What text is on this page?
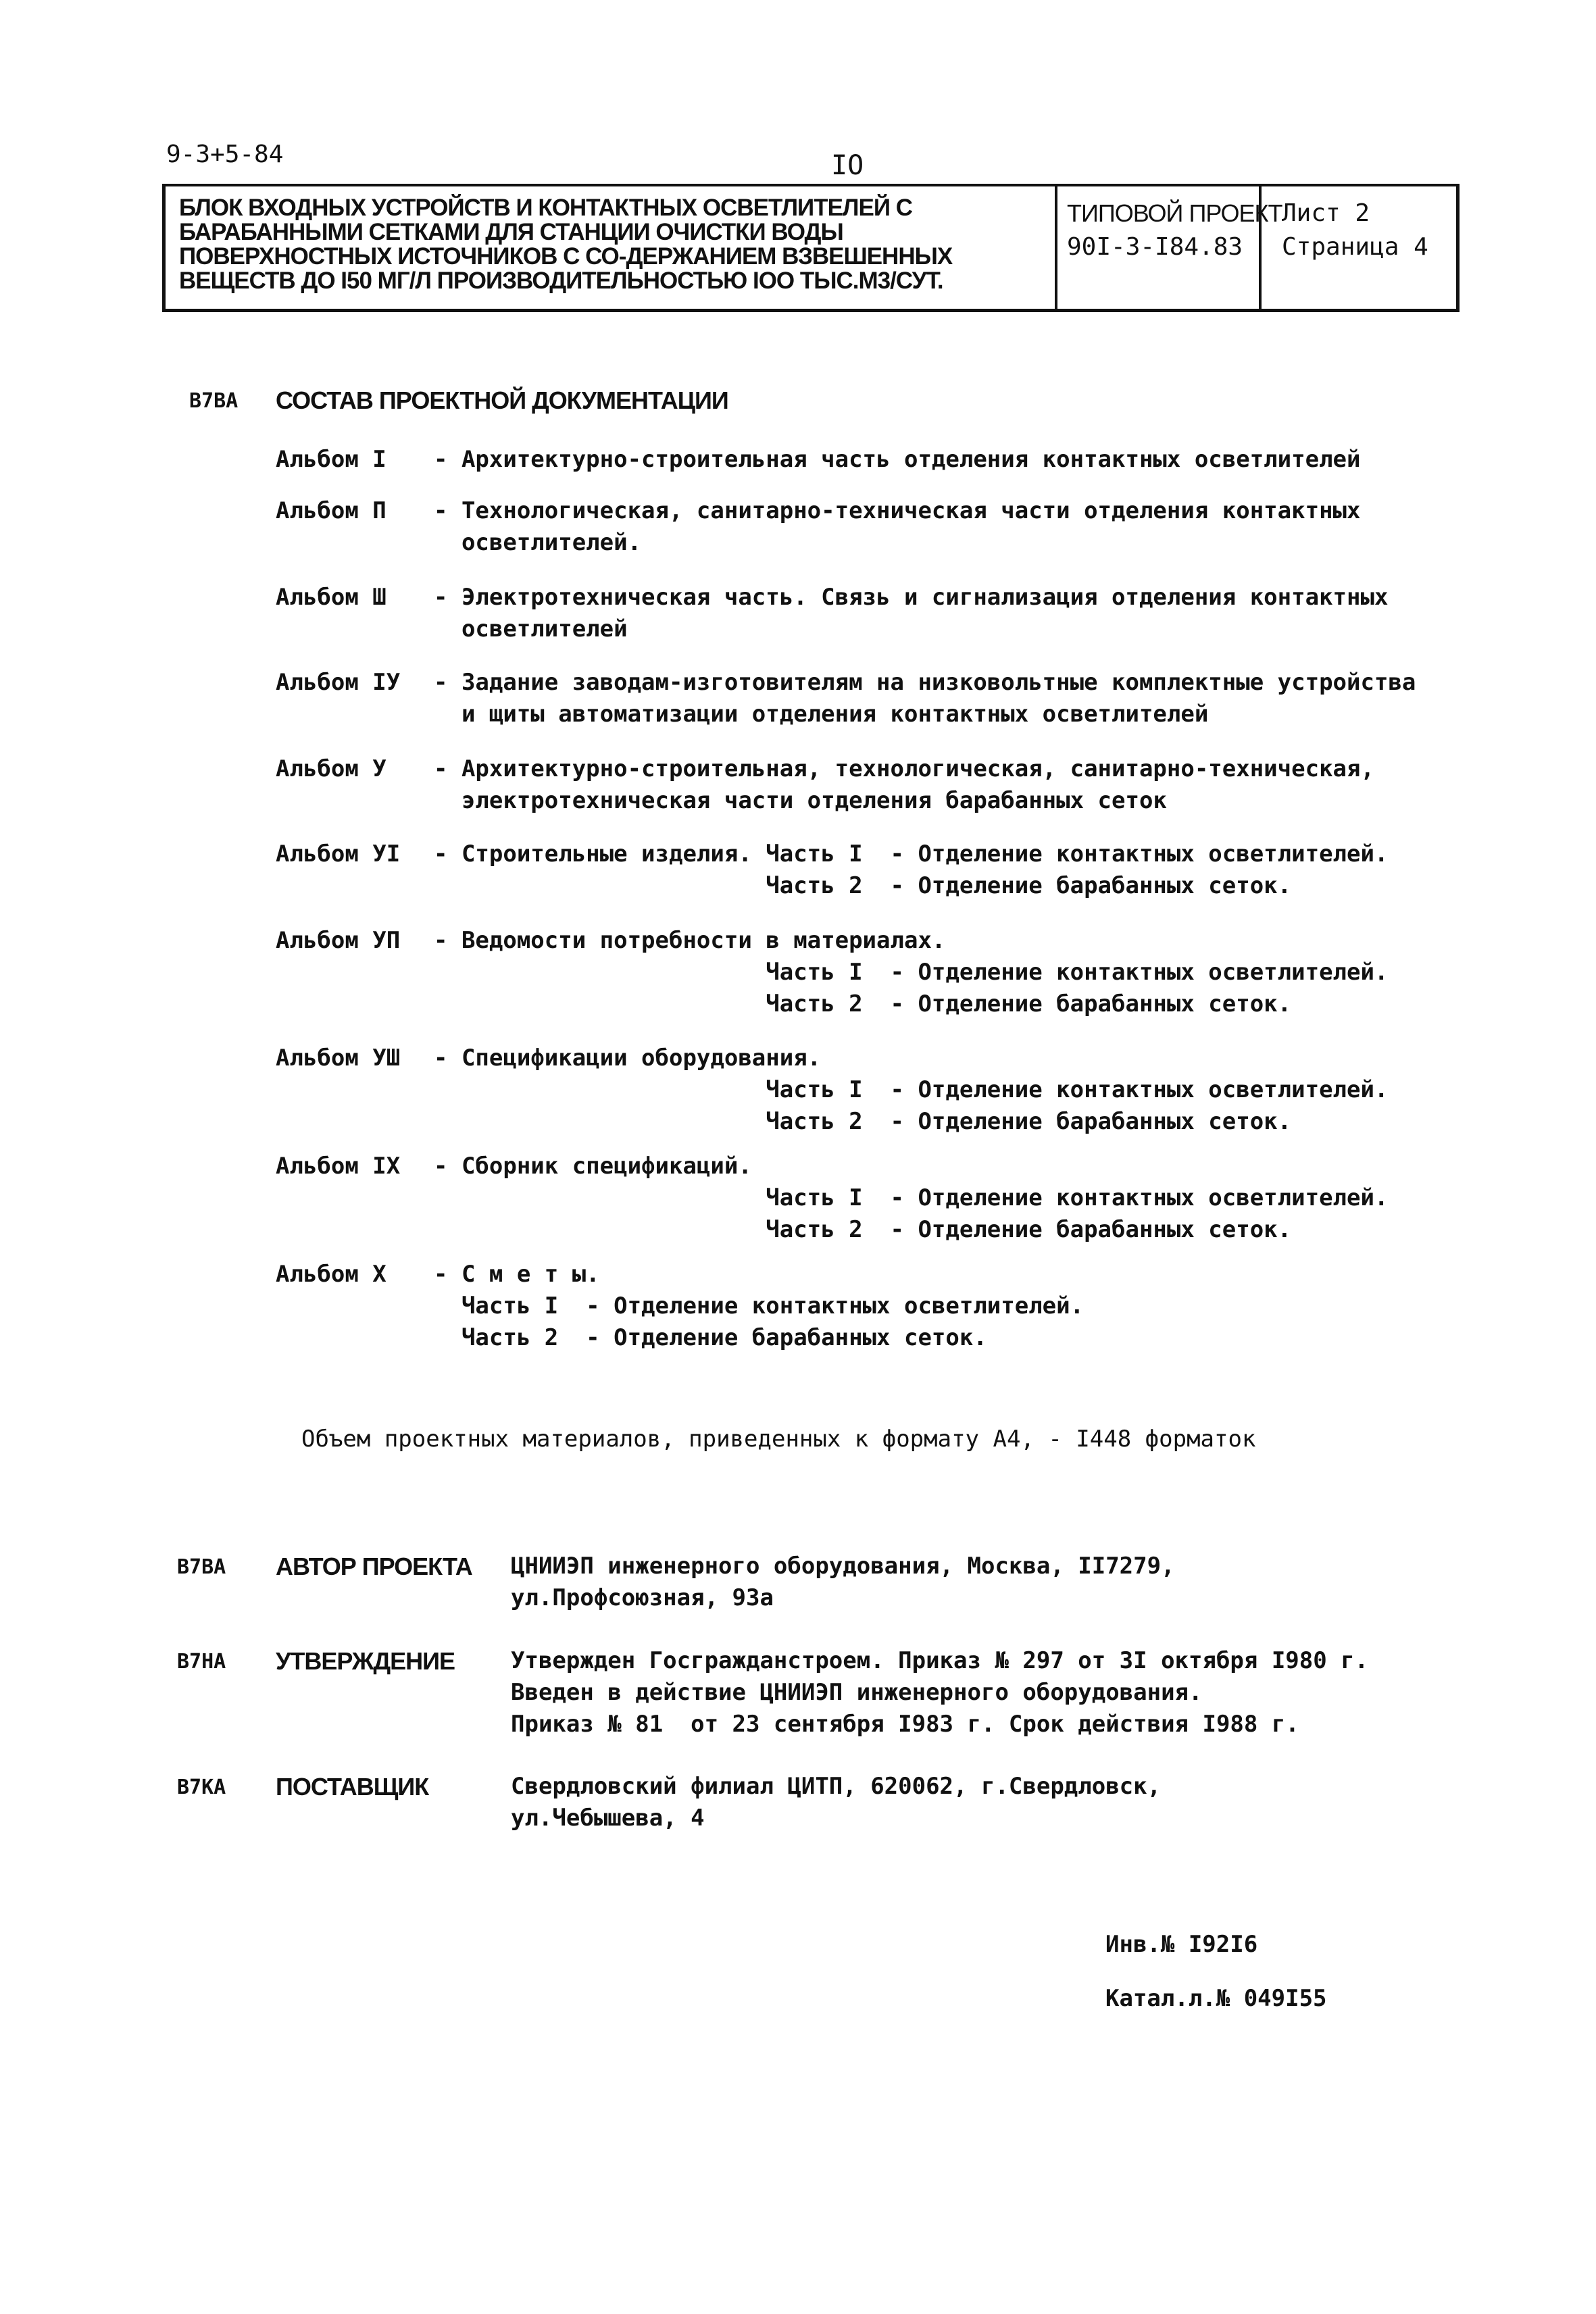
9-3+5-84	IO
БЛОК ВХОДНЫХ УСТРОЙСТВ И КОНТАКТНЫХ ОСВЕТЛИТЕЛЕЙ С БАРАБАННЫМИ СЕТКАМИ ДЛЯ СТАНЦИИ ОЧИСТКИ ВОДЫ ПОВЕРХНОСТНЫХ ИСТОЧНИКОВ С СО-ДЕРЖАНИЕМ ВЗВЕШЕННЫХ ВЕЩЕСТВ ДО I50 МГ/Л ПРОИЗВОДИТЕЛЬНОСТЬЮ IOO ТЫС.М3/СУТ.
ТИПОВОЙ ПРОЕКТ
90I-3-I84.83
Лист 2
Страница 4
В7ВА СОСТАВ ПРОЕКТНОЙ ДОКУМЕНТАЦИИ
Альбом I - Архитектурно-строительная часть отделения контактных осветлителей
Альбом П - Технологическая, санитарно-техническая части отделения контактных
осветлителей.
Альбом Ш - Электротехническая часть. Связь и сигнализация отделения контактных
осветлителей
Альбом IУ - Задание заводам-изготовителям на низковольтные комплектные устройства
и щиты автоматизации отделения контактных осветлителей
Альбом У - Архитектурно-строительная, технологическая, санитарно-техническая,
электротехническая части отделения барабанных сеток
Альбом УI - Строительные изделия. Часть I  - Отделение контактных осветлителей.
Часть 2  - Отделение барабанных сеток.
Альбом УП - Ведомости потребности в материалах.
Часть I  - Отделение контактных осветлителей.
Часть 2  - Отделение барабанных сеток.
Альбом УШ - Спецификации оборудования.
Часть I  - Отделение контактных осветлителей.
Часть 2  - Отделение барабанных сеток.
Альбом IX - Сборник спецификаций.
Часть I  - Отделение контактных осветлителей.
Часть 2  - Отделение барабанных сеток.
Альбом X - С м е т ы.
Часть I  - Отделение контактных осветлителей.
Часть 2  - Отделение барабанных сеток.
Объем проектных материалов, приведенных к формату А4, - I448 форматок
В7ВА АВТОР ПРОЕКТА ЦНИИЭП инженерного оборудования, Москва, II7279,
ул.Профсоюзная, 93а
В7НА УТВЕРЖДЕНИЕ Утвержден Госгражданстроем. Приказ № 297 от 3I октября I980 г.
Введен в действие ЦНИИЭП инженерного оборудования.
Приказ № 81  от 23 сентября I983 г. Срок действия I988 г.
В7КА ПОСТАВЩИК	Свердловский филиал ЦИТП, 620062, г.Свердловск,
ул.Чебышева, 4
Инв.№ I92I6
Катал.л.№ 049I55
